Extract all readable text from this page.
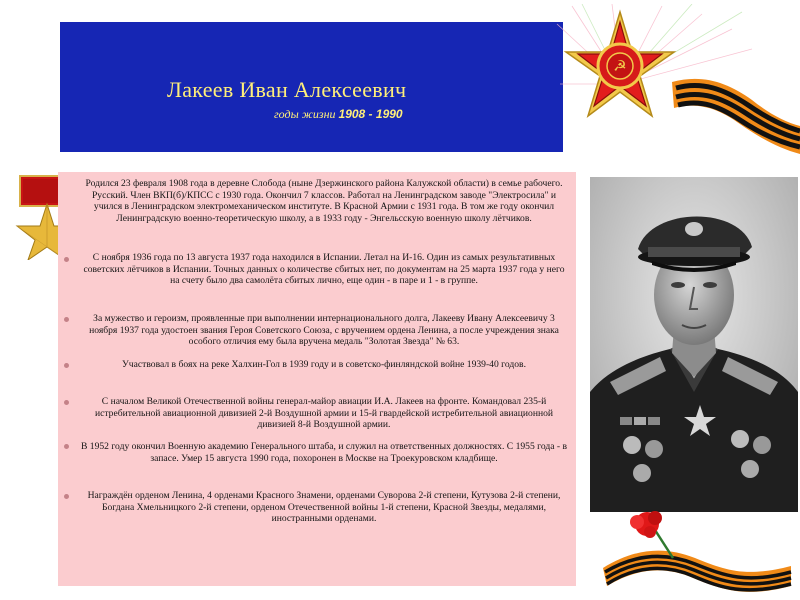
Лакеев Иван Алексеевич
годы жизни 1908 - 1990
☭
Родился 23 февраля 1908 года в деревне Слобода (ныне Дзержинского района Калужской области) в семье рабочего. Русский. Член ВКП(б)/КПСС с 1930 года. Окончил 7 классов. Работал на Ленинградском заводе "Электросила" и учился в Ленинградском электромеханическом институте. В Красной Армии с 1931 года. В том же году окончил Ленинградскую военно-теоретическую школу, а в 1933 году - Энгельсскую военную школу лётчиков.
С ноября 1936 года по 13 августа 1937 года находился в Испании. Летал на И-16. Один из самых результативных советских лётчиков в Испании. Точных данных о количестве сбитых нет, по документам на 25 марта 1937 года у него на счету было два самолёта сбитых лично, еще один - в паре и 1 - в группе.
За мужество и героизм, проявленные при выполнении интернационального долга, Лакееву Ивану Алексеевичу 3 ноября 1937 года удостоен звания Героя Советского Союза, с вручением ордена Ленина, а после учреждения знака особого отличия ему была вручена медаль "Золотая Звезда" № 63.
Участвовал в боях на реке Халхин-Гол в 1939 году и в советско-финляндской войне 1939-40 годов.
С началом Великой Отечественной войны генерал-майор авиации И.А. Лакеев на фронте. Командовал 235-й истребительной авиационной дивизией 2-й Воздушной армии и 15-й гвардейской истребительной авиационной дивизией 8-й Воздушной армии.
В 1952 году окончил Военную академию Генерального штаба, и служил на ответственных должностях. С 1955 года - в запасе. Умер 15 августа 1990 года, похоронен в Москве на Троекуровском кладбище.
Награждён орденом Ленина, 4 орденами Красного Знамени, орденами Суворова 2-й степени, Кутузова 2-й степени, Богдана Хмельницкого 2-й степени, орденом Отечественной войны 1-й степени, Красной Звезды, медалями, иностранными орденами.
